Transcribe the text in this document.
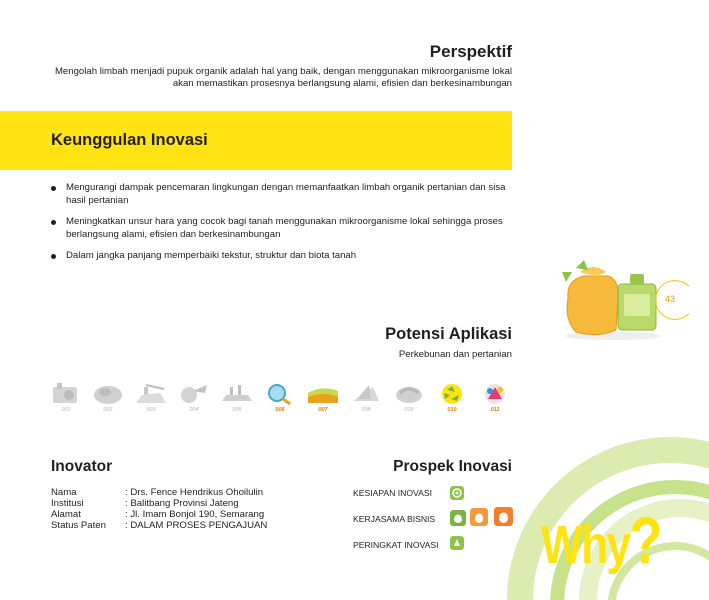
Perspektif

Mengolah limbah menjadi pupuk organik adalah hal yang baik, dengan menggunakan mikroorganisme lokal akan memastikan prosesnya berlangsung alami, efisien dan berkesinambungan

Keunggulan Inovasi
Mengurangi dampak pencemaran lingkungan dengan memanfaatkan limbah organik pertanian dan sisa hasil pertanian
Meningkatkan unsur hara yang cocok bagi tanah menggunakan mikroorganisme lokal sehingga proses berlangsung alami, efisien dan berkesinambungan
Dalam jangka panjang memperbaiki tekstur, struktur dan biota tanah
43
Potensi Aplikasi
Perkebunan dan pertanian
001	002	003	004	005	006	007	008	009	010	011
Inovator
Nama	: Drs. Fence Hendrikus Ohoilulin
Institusi	: Balitbang Provinsi Jateng
Alamat	: Jl. Imam Bonjol 190, Semarang
Status Paten	: DALAM PROSES PENGAJUAN
Prospek Inovasi
KESIAPAN INOVASI
KERJASAMA BISNIS
PERINGKAT INOVASI Why?
